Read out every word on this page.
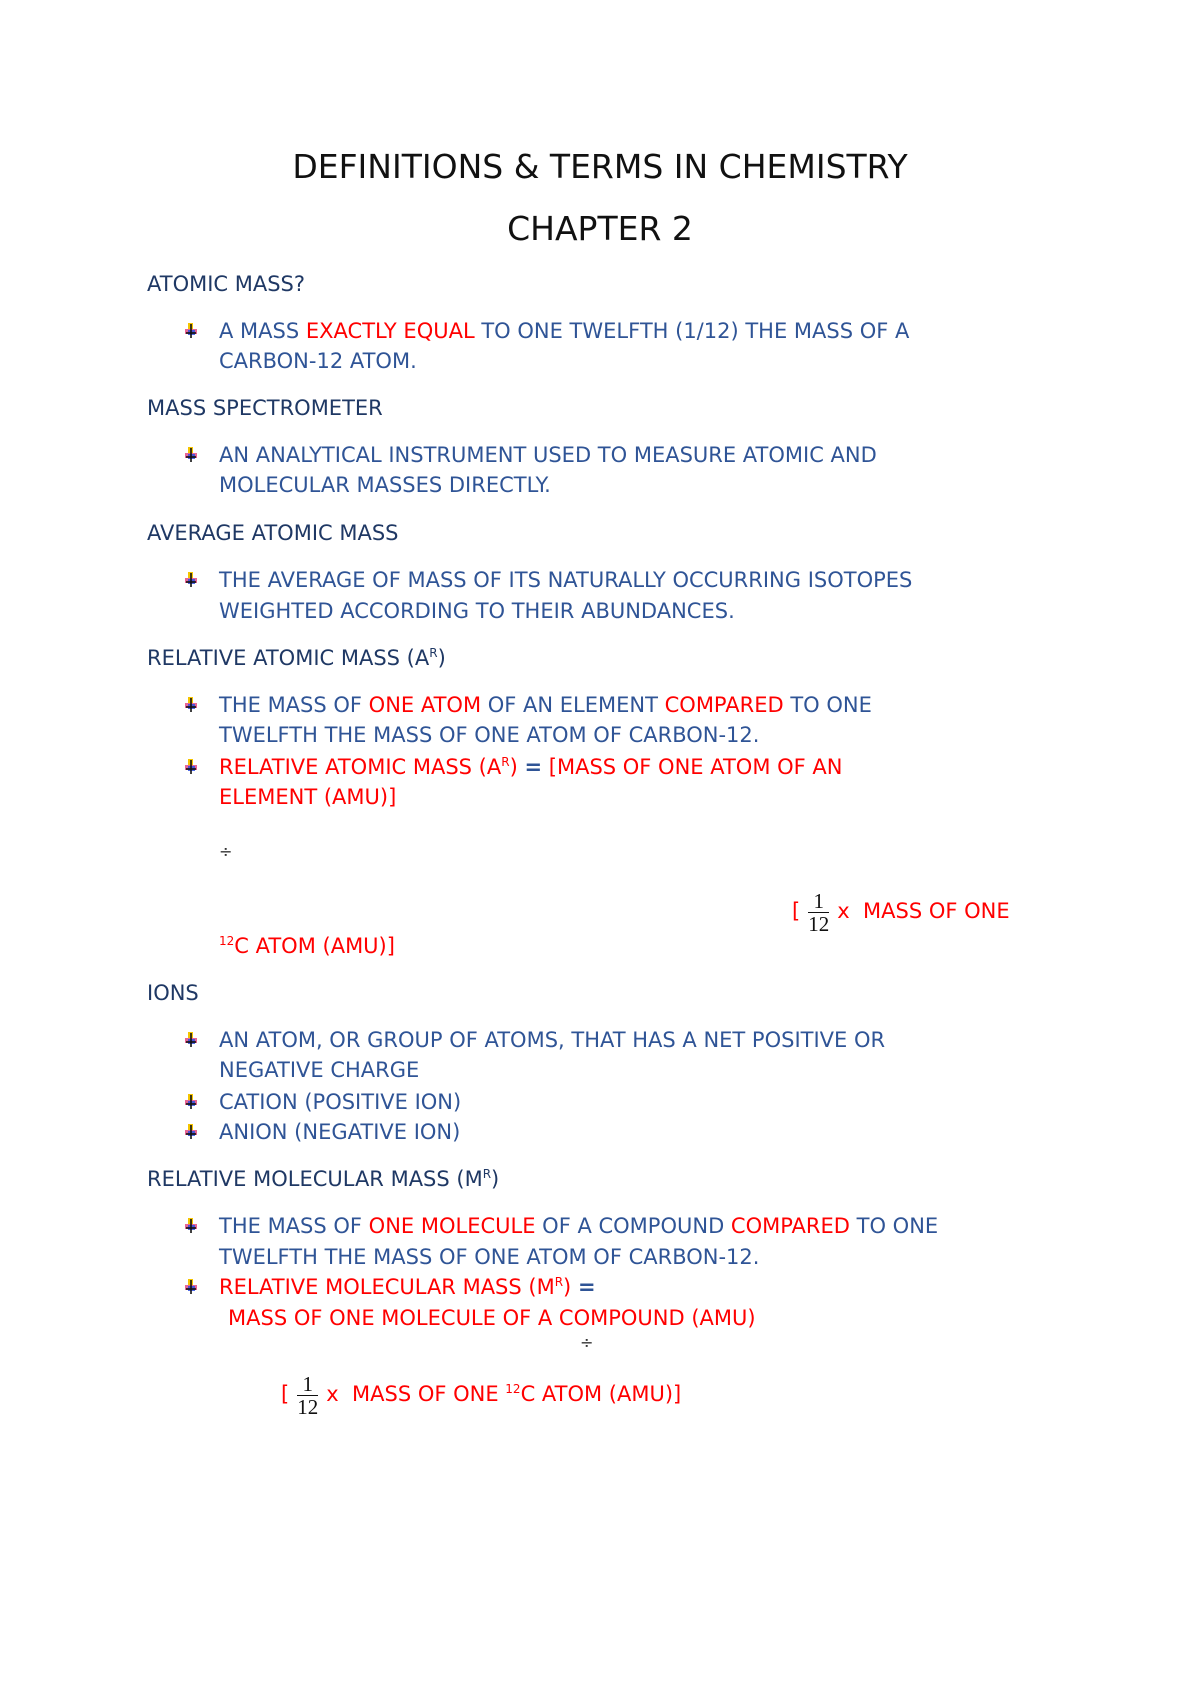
DEFINITIONS & TERMS IN CHEMISTRY
CHAPTER 2
ATOMIC MASS?
A MASS EXACTLY EQUAL TO ONE TWELFTH (1/12) THE MASS OF A
CARBON-12 ATOM.
MASS SPECTROMETER
AN ANALYTICAL INSTRUMENT USED TO MEASURE ATOMIC AND
MOLECULAR MASSES DIRECTLY.
AVERAGE ATOMIC MASS
THE AVERAGE OF MASS OF ITS NATURALLY OCCURRING ISOTOPES
WEIGHTED ACCORDING TO THEIR ABUNDANCES.
RELATIVE ATOMIC MASS $(A^R)$
THE MASS OF ONE ATOM OF AN ELEMENT COMPARED TO ONE
TWELFTH THE MASS OF ONE ATOM OF CARBON-12.
RELATIVE ATOMIC MASS $(A^R)$ = [MASS OF ONE ATOM OF AN
ELEMENT (AMU)]
÷
[ $\frac{1}{12}$ x MASS OF ONE
$^{12}$C ATOM (AMU)]
IONS
AN ATOM, OR GROUP OF ATOMS, THAT HAS A NET POSITIVE OR
NEGATIVE CHARGE
CATION (POSITIVE ION)
ANION (NEGATIVE ION)
RELATIVE MOLECULAR MASS $(M^R)$
THE MASS OF ONE MOLECULE OF A COMPOUND COMPARED TO ONE
TWELFTH THE MASS OF ONE ATOM OF CARBON-12.
RELATIVE MOLECULAR MASS $(M^R)$ =
MASS OF ONE MOLECULE OF A COMPOUND (AMU)
÷
[ $\frac{1}{12}$ x MASS OF ONE $^{12}$C ATOM (AMU)]
